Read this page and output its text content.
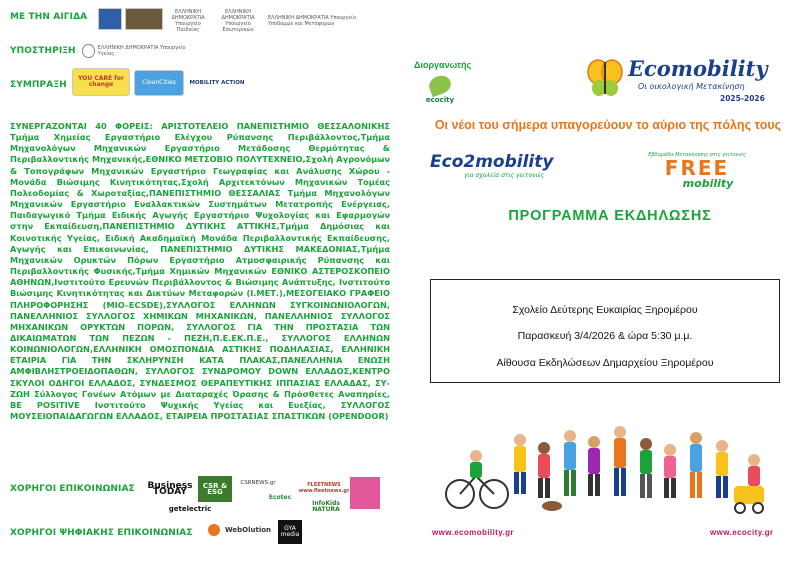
ΜΕ ΤΗΝ ΑΙΓΙΔΑ	ΕΛΛΗΝΙΚΗ ΔΗΜΟΚΡΑΤΙΑ Υπουργείο Παιδείας
ΕΛΛΗΝΙΚΗ ΔΗΜΟΚΡΑΤΙΑ Υπουργείο Εσωτερικών
ΕΛΛΗΝΙΚΗ ΔΗΜΟΚΡΑΤΙΑ Υπουργείο Υποδομών και Μεταφορών
ΥΠΟΣΤΗΡΙΞΗ	ΕΛΛΗΝΙΚΗ ΔΗΜΟΚΡΑΤΙΑ Υπουργείο Υγείας
ΣΥΜΠΡΑΞΗ
YOU CARE for change	CleanCities MOBILITY ACTION
ΣΥΝΕΡΓΑΖΟΝΤΑΙ 40 ΦΟΡΕΙΣ: ΑΡΙΣΤΟΤΕΛΕΙΟ ΠΑΝΕΠΙΣΤΗΜΙΟ ΘΕΣΣΑΛΟΝΙΚΗΣ Τμήμα Χημείας Εργαστήριο Ελέγχου Ρύπανσης Περιβάλλοντος,Τμήμα Μηχανολόγων Μηχανικών Εργαστήριο Μετάδοσης Θερμότητας & Περιβαλλοντικής Μηχανικής,ΕΘΝΙΚΟ ΜΕΤΣΟΒΙΟ ΠΟΛΥΤΕΧΝΕΙΟ,Σχολή Αγρονόμων & Τοπογράφων Μηχανικών Εργαστήριο Γεωγραφίας και Ανάλυσης Χώρου - Μονάδα Βιώσιμης Κινητικότητας,Σχολή Αρχιτεκτόνων Μηχανικών Τομέας Πολεοδομίας & Χωροταξίας,ΠΑΝΕΠΙΣΤΗΜΙΟ ΘΕΣΣΑΛΙΑΣ Τμήμα Μηχανολόγων Μηχανικών Εργαστήριο Εναλλακτικών Συστημάτων Μετατροπής Ενέργειας, Παιδαγωγικό Τμήμα Ειδικής Αγωγής Εργαστήριο Ψυχολογίας και Εφαρμογών στην Εκπαίδευση,ΠΑΝΕΠΙΣΤΗΜΙΟ ΔΥΤΙΚΗΣ ΑΤΤΙΚΗΣ,Τμήμα Δημόσιας και Κοινοτικής Υγείας, Ειδική Ακαδημαϊκή Μονάδα Περιβαλλοντικής Εκπαίδευσης, Αγωγής και Επικοινωνίας, ΠΑΝΕΠΙΣΤΗΜΙΟ ΔΥΤΙΚΗΣ ΜΑΚΕΔΟΝΙΑΣ,Τμήμα Μηχανικών Ορυκτών Πόρων Εργαστήριο Ατμοσφαιρικής Ρύπανσης και Περιβαλλοντικής Φυσικής,Τμήμα Χημικών Μηχανικών ΕΘΝΙΚΟ ΑΣΤΕΡΟΣΚΟΠΕΙΟ ΑΘΗΝΩΝ,Ινστιτούτο Ερευνών Περιβάλλοντος & Βιώσιμης Ανάπτυξης, Ινστιτούτο Βιώσιμης Κινητικότητας και Δικτύων Μεταφορών (Ι.ΜΕΤ.),ΜΕΣΟΓΕΙΑΚΟ ΓΡΑΦΕΙΟ ΠΛΗΡΟΦΟΡΗΣΗΣ (MIO–ECSDE),ΣΥΛΛΟΓΟΣ ΕΛΛΗΝΩΝ ΣΥΓΚΟΙΝΩΝΙΟΛΟΓΩΝ, ΠΑΝΕΛΛΗΝΙΟΣ ΣΥΛΛΟΓΟΣ ΧΗΜΙΚΩΝ ΜΗΧΑΝΙΚΩΝ, ΠΑΝΕΛΛΗΝΙΟΣ ΣΥΛΛΟΓΟΣ ΜΗΧΑΝΙΚΩΝ ΟΡΥΚΤΩΝ ΠΟΡΩΝ, ΣΥΛΛΟΓΟΣ ΓΙΑ ΤΗΝ ΠΡΟΣΤΑΣΙΑ ΤΩΝ ΔΙΚΑΙΩΜΑΤΩΝ ΤΩΝ ΠΕΖΩΝ - ΠΕΖΗ,Π.Ε.ΕΚ.Π.Ε., ΣΥΛΛΟΓΟΣ ΕΛΛΗΝΩΝ ΚΟΙΝΩΝΙΟΛΟΓΩΝ,ΕΛΛΗΝΙΚΗ ΟΜΟΣΠΟΝΔΙΑ ΑΣΤΙΚΗΣ ΠΟΔΗΛΑΣΙΑΣ, ΕΛΛΗΝΙΚΗ ΕΤΑΙΡΙΑ ΓΙΑ ΤΗΝ ΣΚΛΗΡΥΝΣΗ ΚΑΤΑ ΠΛΑΚΑΣ,ΠΑΝΕΛΛΗΝΙΑ ΕΝΩΣΗ ΑΜΦΙΒΛΗΣΤΡΟΕΙΔΟΠΑΘΩΝ, ΣΥΛΛΟΓΟΣ ΣΥΝΔΡΟΜΟΥ DOWN ΕΛΛΑΔΟΣ,ΚΕΝΤΡΟ ΣΚΥΛΟΙ ΟΔΗΓΟΙ ΕΛΛΑΔΟΣ, ΣΥΝΔΕΣΜΟΣ ΘΕΡΑΠΕΥΤΙΚΗΣ ΙΠΠΑΣΙΑΣ ΕΛΛΑΔΑΣ, ΣΥ-ΖΩΗ Σύλλογος Γονέων Ατόμων με Διαταραχές Όρασης & Πρόσθετες Αναπηρίες, BE POSITIVE Ινστιτούτο Ψυχικής Υγείας και Ευεξίας, ΣΥΛΛΟΓΟΣ ΜΟΥΣΕΙΟΠΑΙΔΑΓΩΓΩΝ ΕΛΛΑΔΟΣ, ΕΤΑΙΡΕΙΑ ΠΡΟΣΤΑΣΙΑΣ ΣΠΑΣΤΙΚΩΝ (OPENDOOR)
ΧΟΡΗΓΟΙ ΕΠΙΚΟΙΝΩΝΙΑΣ Business TODAY
CSR & ESG
CSRNEWS.gr
Ecotec
FLEETNEWS www.fleetnews.gr
InfoKids NATURA
getelectric
ΧΟΡΗΓΟΙ ΨΗΦΙΑΚΗΣ ΕΠΙΚΟΙΝΩΝΙΑΣ	WebOlution	GYA media
Διοργανωτής
ecocity
Ecomobility
Οι οικολογική Μετακίνηση
2025-2026
Οι νέοι του σήμερα υπαγορεύουν το αύριο της πόλης τους
Eco2mobility
για σχολεία στις γειτονιές
Εβδομάδα Μετακίνησης στις γειτονιές
FREE
mobility
ΠΡΟΓΡΑΜΜΑ ΕΚΔΗΛΩΣΗΣ
Σχολείο Δεύτερης Ευκαιρίας Ξηρομέρου
Παρασκευή 3/4/2026 & ώρα 5:30 μ.μ.
Αίθουσα Εκδηλώσεων Δημαρχείου Ξηρομέρου
www.ecomobility.gr	www.ecocity.gr
